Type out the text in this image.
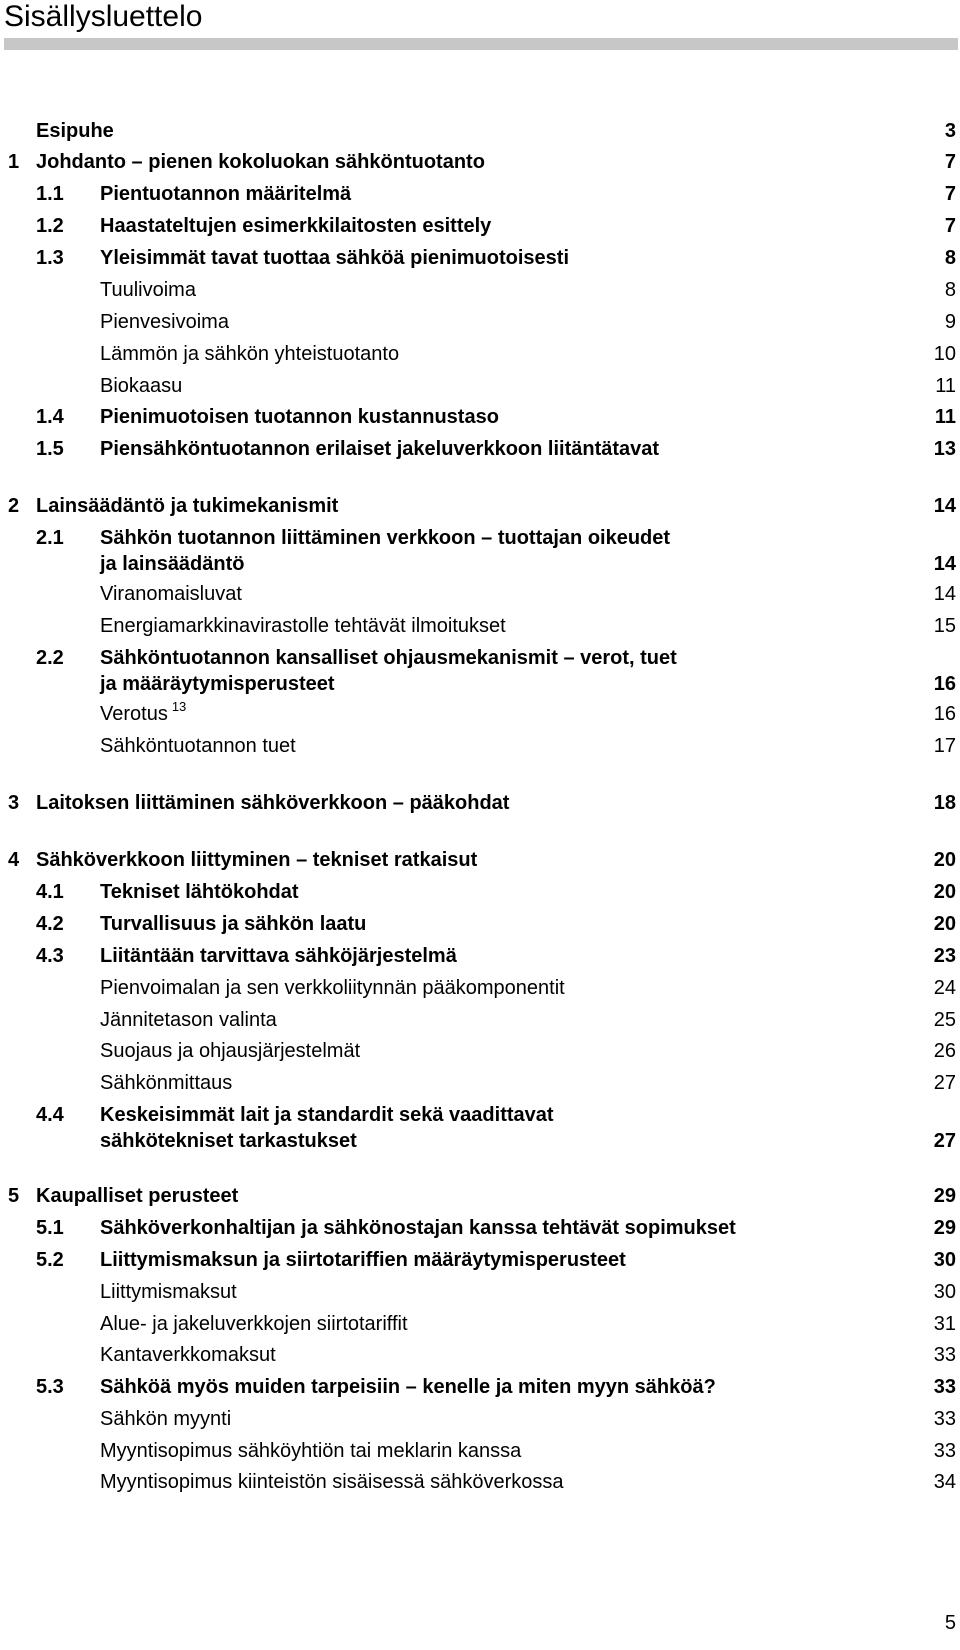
Sisällysluettelo
Esipuhe	3
1 Johdanto – pienen kokoluokan sähköntuotanto	7
1.1 Pientuotannon määritelmä	7
1.2 Haastateltujen esimerkkilaitosten esittely	7
1.3 Yleisimmät tavat tuottaa sähköä pienimuotoisesti	8
Tuulivoima	8
Pienvesivoima	9
Lämmön ja sähkön yhteistuotanto	10
Biokaasu	11
1.4 Pienimuotoisen tuotannon kustannustaso	11
1.5 Piensähköntuotannon erilaiset jakeluverkkoon liitäntätavat	13
2 Lainsäädäntö ja tukimekanismit	14
2.1 Sähkön tuotannon liittäminen verkkoon – tuottajan oikeudet
ja lainsäädäntö	14
Viranomaisluvat	14
Energiamarkkinavirastolle tehtävät ilmoitukset	15
2.2 Sähköntuotannon kansalliset ohjausmekanismit – verot, tuet
ja määräytymisperusteet	16
Verotus $^{13}$	16
Sähköntuotannon tuet	17
3 Laitoksen liittäminen sähköverkkoon – pääkohdat	18
4 Sähköverkkoon liittyminen – tekniset ratkaisut	20
4.1 Tekniset lähtökohdat	20
4.2 Turvallisuus ja sähkön laatu	20
4.3 Liitäntään tarvittava sähköjärjestelmä	23
Pienvoimalan ja sen verkkoliitynnän pääkomponentit	24
Jännitetason valinta	25
Suojaus ja ohjausjärjestelmät	26
Sähkönmittaus	27
4.4 Keskeisimmät lait ja standardit sekä vaadittavat
sähkötekniset tarkastukset	27
5 Kaupalliset perusteet	29
5.1 Sähköverkonhaltijan ja sähkönostajan kanssa tehtävät sopimukset	29
5.2 Liittymismaksun ja siirtotariffien määräytymisperusteet	30
Liittymismaksut	30
Alue- ja jakeluverkkojen siirtotariffit	31
Kantaverkkomaksut	33
5.3 Sähköä myös muiden tarpeisiin – kenelle ja miten myyn sähköä?	33
Sähkön myynti	33
Myyntisopimus sähköyhtiön tai meklarin kanssa	33
Myyntisopimus kiinteistön sisäisessä sähköverkossa	34
5
